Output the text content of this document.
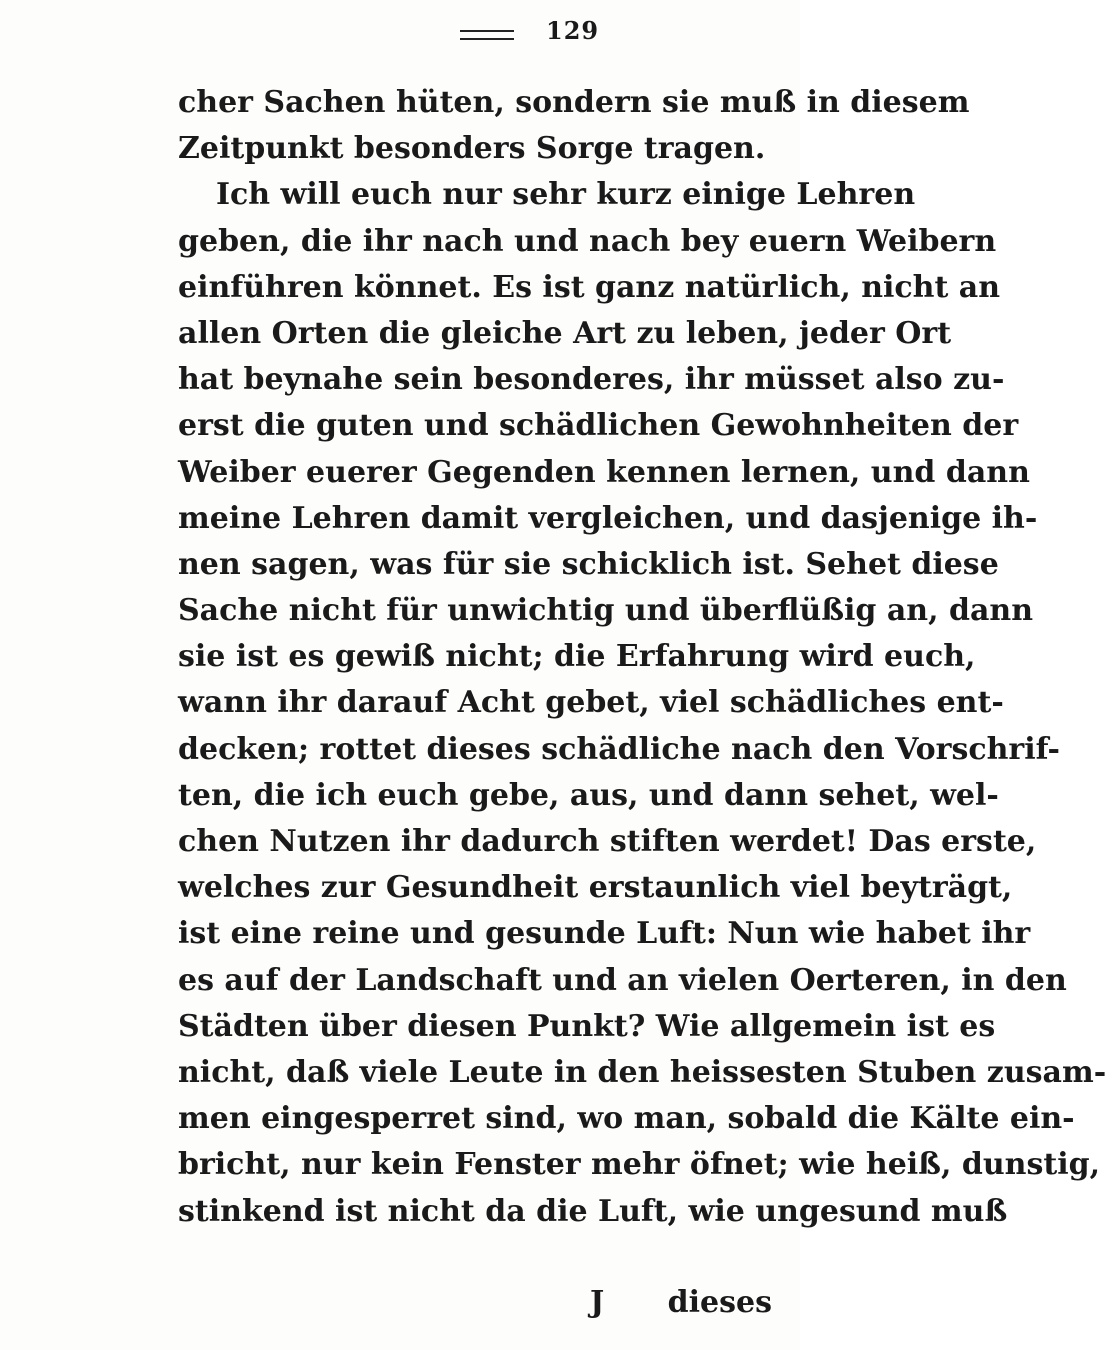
129
cher Sachen hüten, sondern sie muß in diesem
Zeitpunkt besonders Sorge tragen.
Ich will euch nur sehr kurz einige Lehren
geben, die ihr nach und nach bey euern Weibern
einführen könnet. Es ist ganz natürlich, nicht an
allen Orten die gleiche Art zu leben, jeder Ort
hat beynahe sein besonderes, ihr müsset also zu-
erst die guten und schädlichen Gewohnheiten der
Weiber euerer Gegenden kennen lernen, und dann
meine Lehren damit vergleichen, und dasjenige ih-
nen sagen, was für sie schicklich ist. Sehet diese
Sache nicht für unwichtig und überflüßig an, dann
sie ist es gewiß nicht; die Erfahrung wird euch,
wann ihr darauf Acht gebet, viel schädliches ent-
decken; rottet dieses schädliche nach den Vorschrif-
ten, die ich euch gebe, aus, und dann sehet, wel-
chen Nutzen ihr dadurch stiften werdet! Das erste,
welches zur Gesundheit erstaunlich viel beyträgt,
ist eine reine und gesunde Luft: Nun wie habet ihr
es auf der Landschaft und an vielen Oerteren, in den
Städten über diesen Punkt? Wie allgemein ist es
nicht, daß viele Leute in den heissesten Stuben zusam-
men eingesperret sind, wo man, sobald die Kälte ein-
bricht, nur kein Fenster mehr öfnet; wie heiß, dunstig,
stinkend ist nicht da die Luft, wie ungesund muß
J dieses
